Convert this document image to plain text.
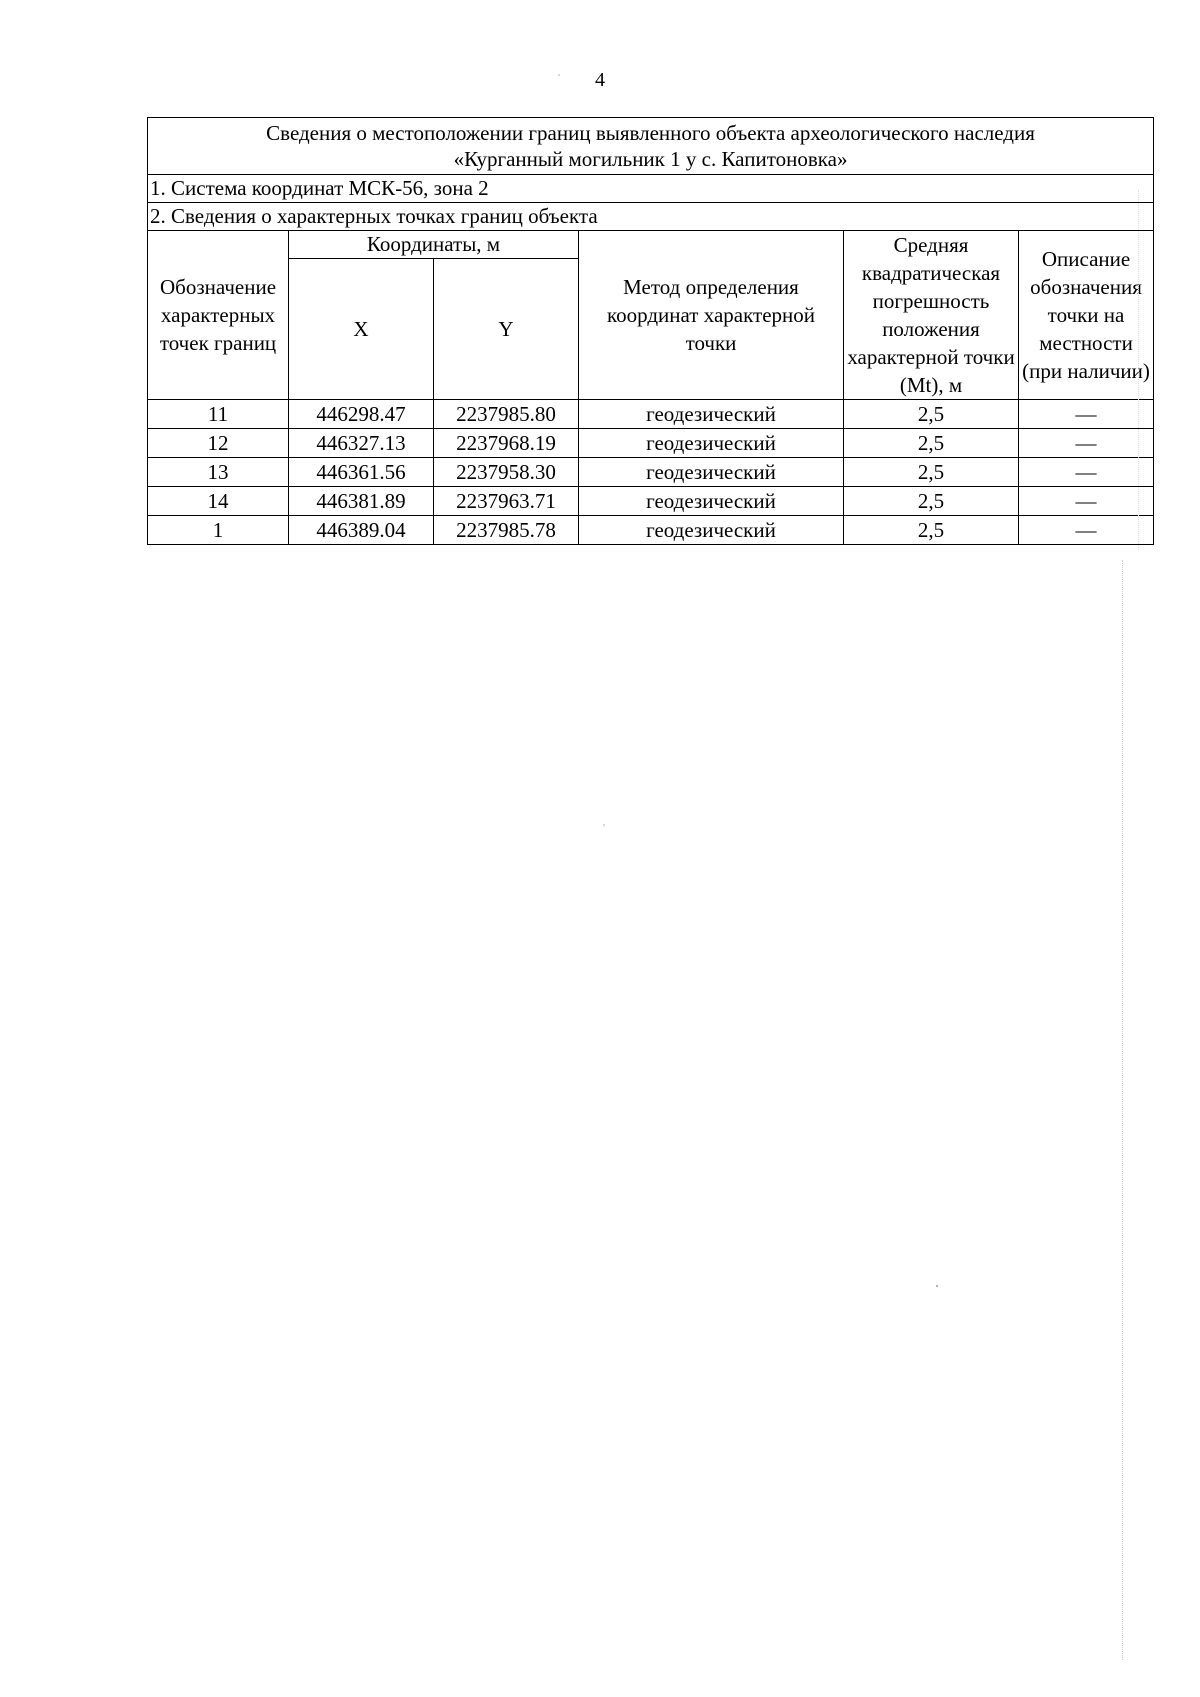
4
Сведения о местоположении границ выявленного объекта археологического наследия
«Курганный могильник 1 у с. Капитоновка»					

1. Система координат МСК-56, зона 2					
2. Сведения о характерных точках границ объекта					
Обозначение характерных точек границ	Координаты, м		Метод определения координат характерной точки	Средняя квадратическая погрешность положения характерной точки (Mt), м	Описание обозначения точки на местности (при наличии)
	X	Y			
11	446298.47	2237985.80	геодезический	2,5	—
12	446327.13	2237968.19	геодезический	2,5	—
13	446361.56	2237958.30	геодезический	2,5	—
14	446381.89	2237963.71	геодезический	2,5	—
1	446389.04	2237985.78	геодезический	2,5	—
